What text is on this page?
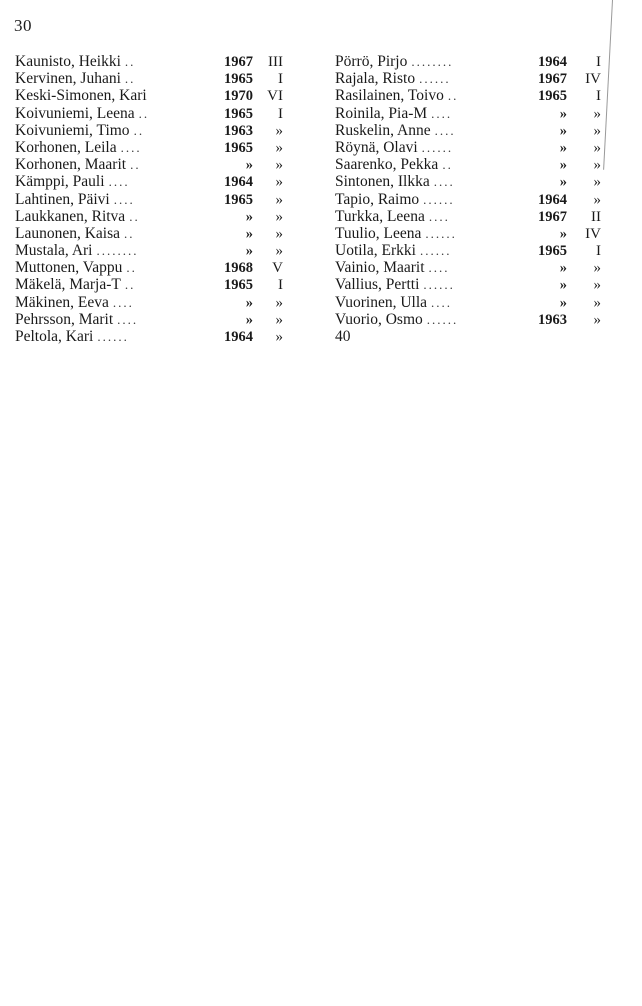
30
Kaunisto, Heikki ..	1967	III
Kervinen, Juhani ..	1965	I
Keski-Simonen, Kari	1970 VI
Koivuniemi, Leena ..	1965	I
Koivuniemi, Timo ..	1963	»
Korhonen, Leila ....	1965	»
Korhonen, Maarit ..	»	»
Kämppi, Pauli ....	1964	»
Lahtinen, Päivi ....	1965	»
Laukkanen, Ritva ..	»	»
Launonen, Kaisa ..	»	»
Mustala, Ari ........	»	»
Muttonen, Vappu ..	1968	V
Mäkelä, Marja-T ..	1965	I
Mäkinen, Eeva ....	»	»
Pehrsson, Marit ....	»	»
Peltola, Kari ......	1964	»
Pörrö, Pirjo ........	1964	I
Rajala, Risto ......	1967	IV
Rasilainen, Toivo ..	1965	I
Roinila, Pia-M ....	»	»
Ruskelin, Anne ....	»	»
Röynä, Olavi ......	»	»
Saarenko, Pekka ..	»	»
Sintonen, Ilkka ....	»	»
Tapio, Raimo ......	1964	»
Turkka, Leena ....	1967	II
Tuulio, Leena ......	»	IV
Uotila, Erkki ......	1965	I
Vainio, Maarit ....	»	»
Vallius, Pertti ......	»	»
Vuorinen, Ulla ....	»	»
Vuorio, Osmo ......	1963	»
40
